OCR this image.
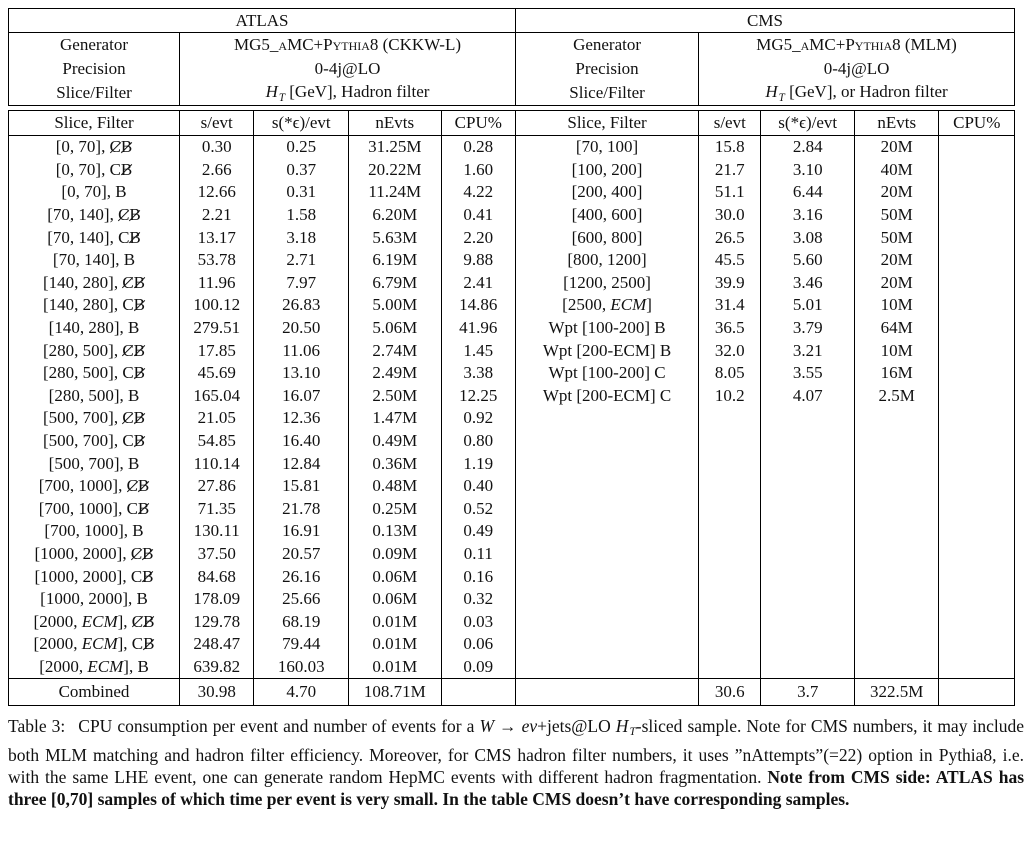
ATLAS		CMS	
Generator	MG5_aMC+Pythia8 (CKKW-L)	Generator	MG5_aMC+Pythia8 (MLM)
Precision	0-4j@LO	Precision	0-4j@LO
Slice/Filter	$H_T$ [GeV], Hadron filter	Slice/Filter	$H_T$ [GeV], or Hadron filter
Slice, Filter	s/evt	s(*ϵ)/evt	nEvts	CPU%	Slice, Filter	s/evt	s(*ϵ)/evt	nEvts	CPU%
[0, 70], CB	0.30	0.25	31.25M	0.28	[70, 100]	15.8	2.84	20M	
[0, 70], CB	2.66	0.37	20.22M	1.60	[100, 200]	21.7	3.10	40M	
[0, 70], B	12.66	0.31	11.24M	4.22	[200, 400]	51.1	6.44	20M	
[70, 140], CB	2.21	1.58	6.20M	0.41	[400, 600]	30.0	3.16	50M	
[70, 140], CB	13.17	3.18	5.63M	2.20	[600, 800]	26.5	3.08	50M	
[70, 140], B	53.78	2.71	6.19M	9.88	[800, 1200]	45.5	5.60	20M	
[140, 280], CB	11.96	7.97	6.79M	2.41	[1200, 2500]	39.9	3.46	20M	
[140, 280], CB	100.12	26.83	5.00M	14.86	[2500, ECM]	31.4	5.01	10M	
[140, 280], B	279.51	20.50	5.06M	41.96	Wpt [100-200] B	36.5	3.79	64M	
[280, 500], CB	17.85	11.06	2.74M	1.45	Wpt [200-ECM] B	32.0	3.21	10M	
[280, 500], CB	45.69	13.10	2.49M	3.38	Wpt [100-200] C	8.05	3.55	16M	
[280, 500], B	165.04	16.07	2.50M	12.25	Wpt [200-ECM] C	10.2	4.07	2.5M	
[500, 700], CB	21.05	12.36	1.47M	0.92					
[500, 700], CB	54.85	16.40	0.49M	0.80					
[500, 700], B	110.14	12.84	0.36M	1.19					
[700, 1000], CB	27.86	15.81	0.48M	0.40					
[700, 1000], CB	71.35	21.78	0.25M	0.52					
[700, 1000], B	130.11	16.91	0.13M	0.49					
[1000, 2000], CB	37.50	20.57	0.09M	0.11					
[1000, 2000], CB	84.68	26.16	0.06M	0.16					
[1000, 2000], B	178.09	25.66	0.06M	0.32					
[2000, ECM], CB	129.78	68.19	0.01M	0.03					
[2000, ECM], CB	248.47	79.44	0.01M	0.06					
[2000, ECM], B	639.82	160.03	0.01M	0.09					
Combined	30.98	4.70	108.71M			30.6	3.7	322.5M	
Table 3: CPU consumption per event and number of events for a W → eν+jets@LO $H_T$-sliced sample. Note for CMS numbers, it may include both MLM matching and hadron filter efficiency. Moreover, for CMS hadron filter numbers, it uses ”nAttempts”(=22) option in Pythia8, i.e. with the same LHE event, one can generate random HepMC events with different hadron fragmentation. Note from CMS side: ATLAS has three [0,70] samples of which time per event is very small. In the table CMS doesn’t have corresponding samples.
